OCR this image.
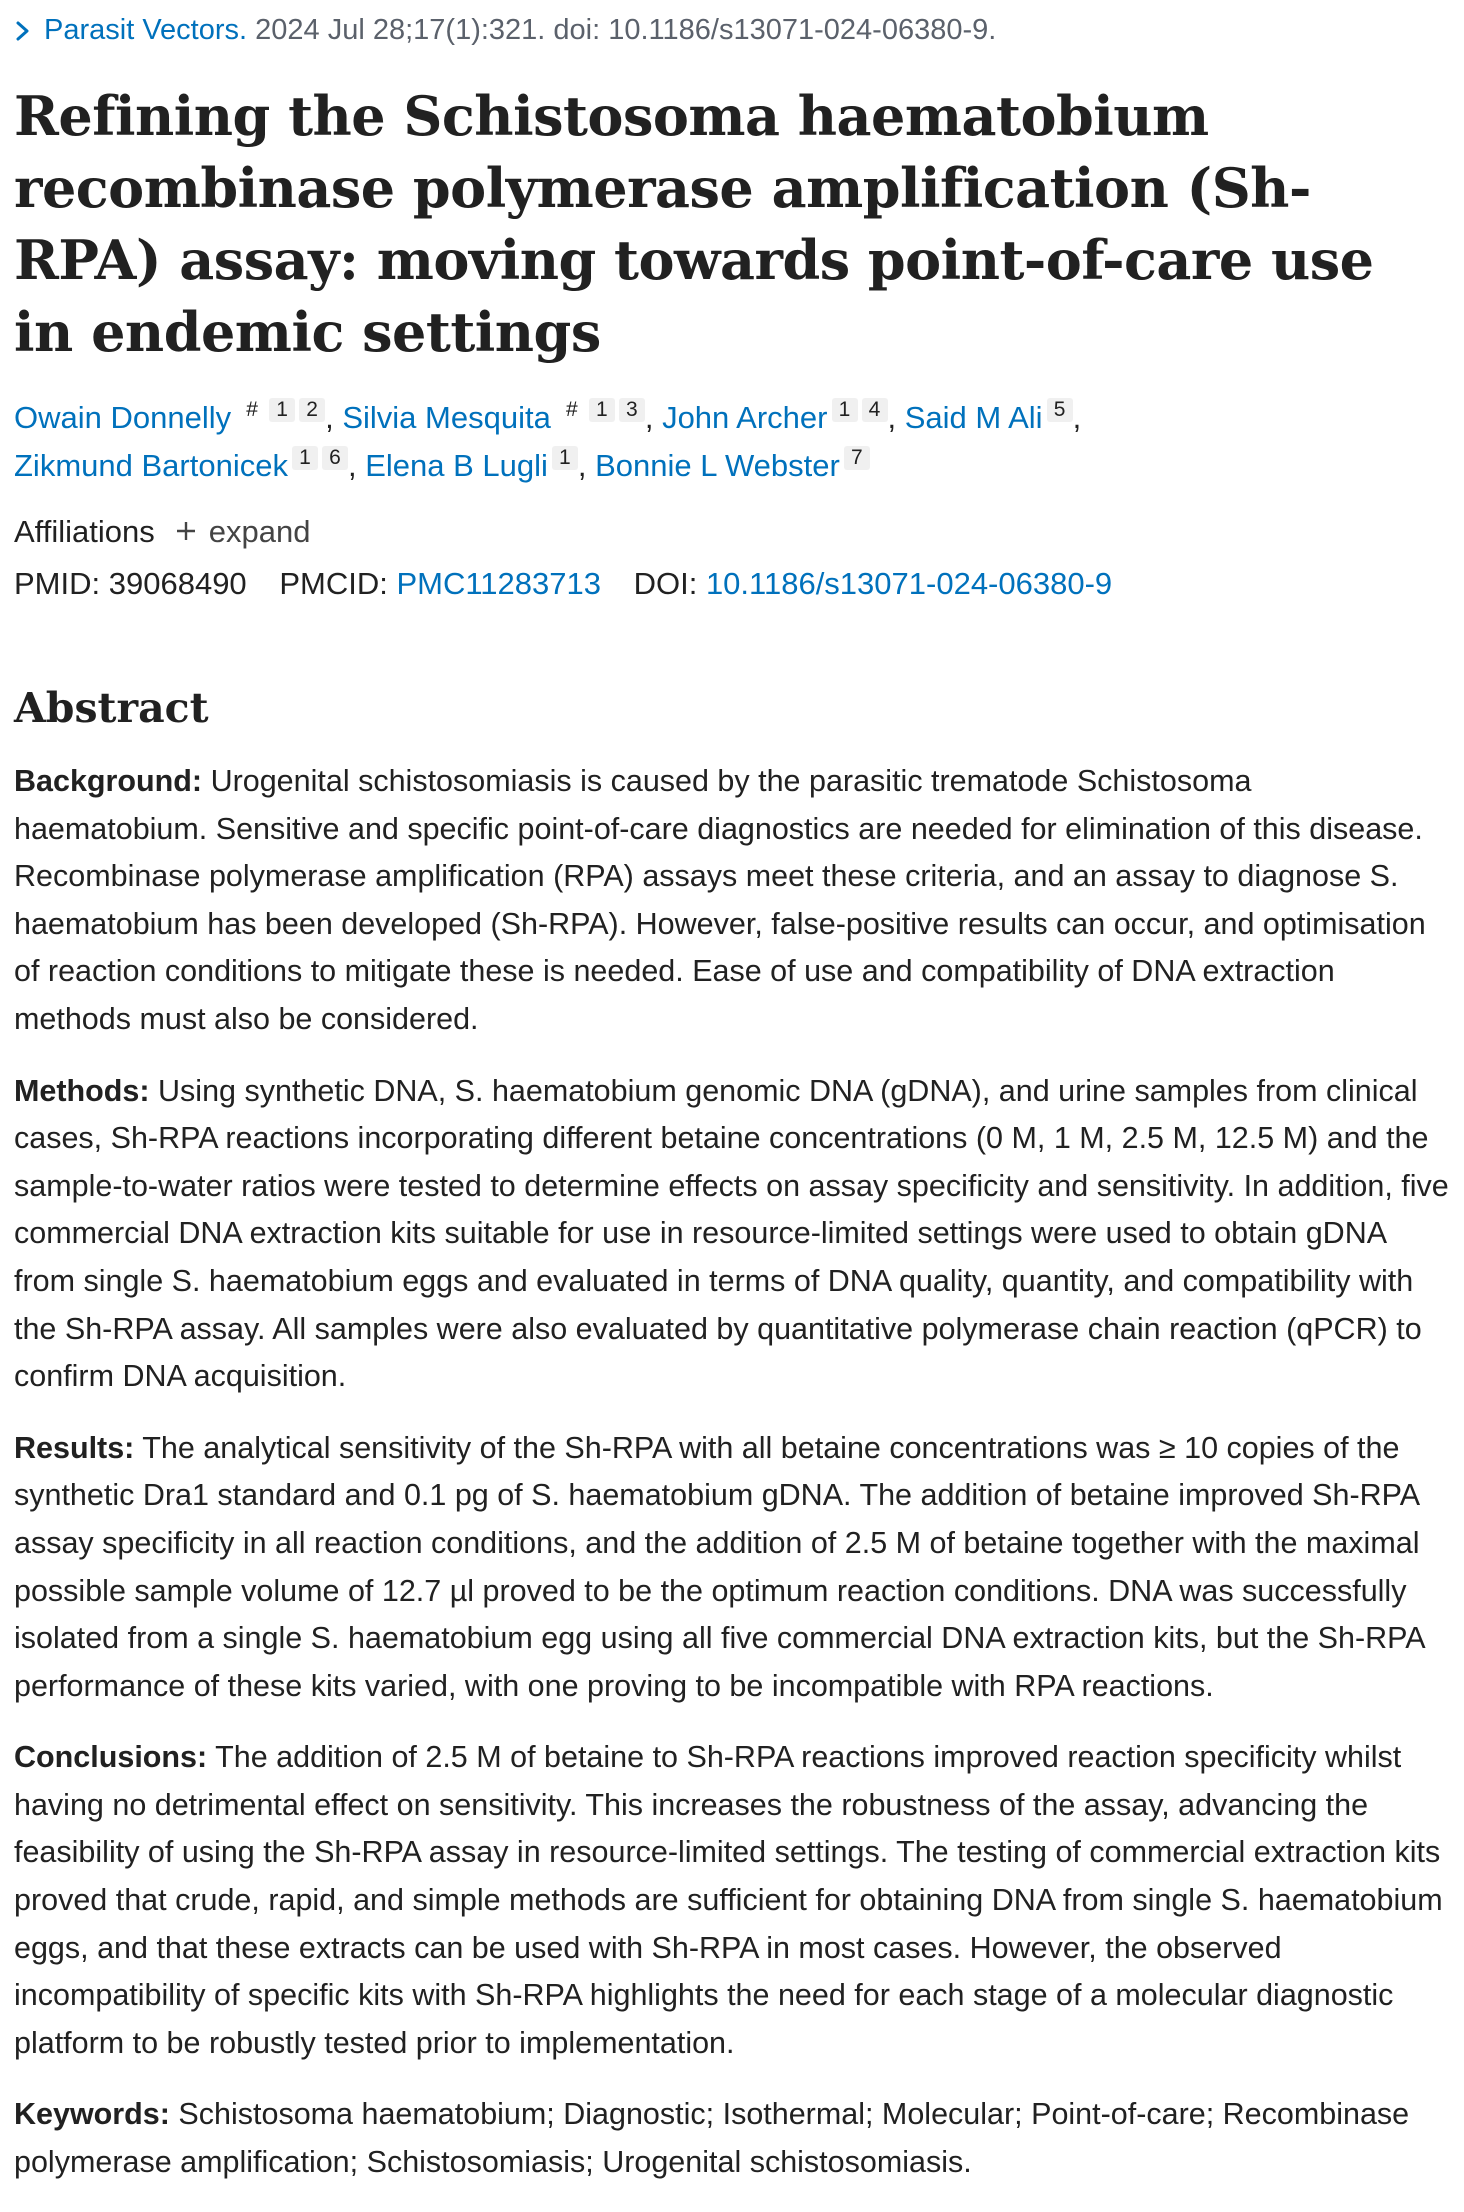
Parasit Vectors. 2024 Jul 28;17(1):321. doi: 10.1186/s13071-024-06380-9.
Refining the Schistosoma haematobium recombinase polymerase amplification (Sh-RPA) assay: moving towards point-of-care use in endemic settings
Owain Donnelly # 1 2 , Silvia Mesquita # 1 3 , John Archer 1 4 , Said M Ali 5 ,
Zikmund Bartonicek 1 6 , Elena B Lugli 1 , Bonnie L Webster 7
Affiliations expand
PMID: 39068490 PMCID: PMC11283713 DOI: 10.1186/s13071-024-06380-9
Abstract

Background: Urogenital schistosomiasis is caused by the parasitic trematode Schistosoma haematobium. Sensitive and specific point-of-care diagnostics are needed for elimination of this disease. Recombinase polymerase amplification (RPA) assays meet these criteria, and an assay to diagnose S. haematobium has been developed (Sh-RPA). However, false-positive results can occur, and optimisation of reaction conditions to mitigate these is needed. Ease of use and compatibility of DNA extraction methods must also be considered.

Methods: Using synthetic DNA, S. haematobium genomic DNA (gDNA), and urine samples from clinical cases, Sh-RPA reactions incorporating different betaine concentrations (0 M, 1 M, 2.5 M, 12.5 M) and the sample-to-water ratios were tested to determine effects on assay specificity and sensitivity. In addition, five commercial DNA extraction kits suitable for use in resource-limited settings were used to obtain gDNA from single S. haematobium eggs and evaluated in terms of DNA quality, quantity, and compatibility with the Sh-RPA assay. All samples were also evaluated by quantitative polymerase chain reaction (qPCR) to confirm DNA acquisition.

Results: The analytical sensitivity of the Sh-RPA with all betaine concentrations was ≥ 10 copies of the synthetic Dra1 standard and 0.1 pg of S. haematobium gDNA. The addition of betaine improved Sh-RPA assay specificity in all reaction conditions, and the addition of 2.5 M of betaine together with the maximal possible sample volume of 12.7 µl proved to be the optimum reaction conditions. DNA was successfully isolated from a single S. haematobium egg using all five commercial DNA extraction kits, but the Sh-RPA performance of these kits varied, with one proving to be incompatible with RPA reactions.

Conclusions: The addition of 2.5 M of betaine to Sh-RPA reactions improved reaction specificity whilst having no detrimental effect on sensitivity. This increases the robustness of the assay, advancing the feasibility of using the Sh-RPA assay in resource-limited settings. The testing of commercial extraction kits proved that crude, rapid, and simple methods are sufficient for obtaining DNA from single S. haematobium eggs, and that these extracts can be used with Sh-RPA in most cases. However, the observed incompatibility of specific kits with Sh-RPA highlights the need for each stage of a molecular diagnostic platform to be robustly tested prior to implementation.

Keywords: Schistosoma haematobium; Diagnostic; Isothermal; Molecular; Point-of-care; Recombinase polymerase amplification; Schistosomiasis; Urogenital schistosomiasis.
